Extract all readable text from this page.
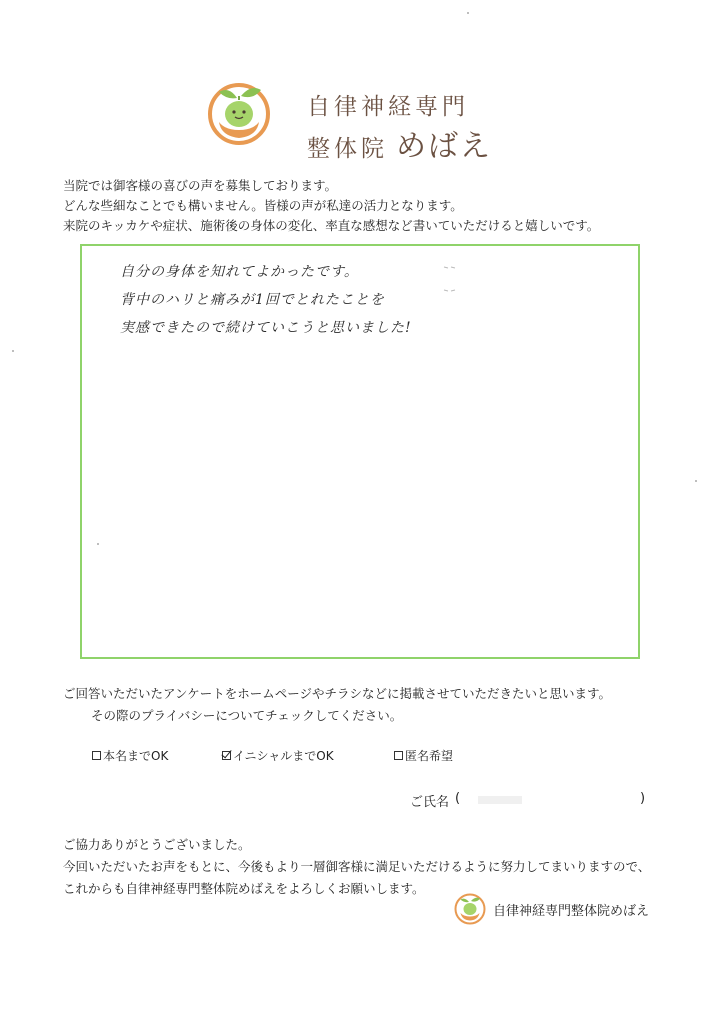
自律神経専門
整体院 めばえ
当院では御客様の喜びの声を募集しております。
どんな些細なことでも構いません。皆様の声が私達の活力となります。
来院のキッカケや症状、施術後の身体の変化、率直な感想など書いていただけると嬉しいです。
自分の身体を知れてよかったです。
背中のハリと痛みが1回でとれたことを
実感できたので続けていこうと思いました!
ご回答いただいたアンケートをホームページやチラシなどに掲載させていただきたいと思います。
その際のプライバシーについてチェックしてください。
本名までOK	イニシャルまでOK	匿名希望
ご氏名 (	)
ご協力ありがとうございました。
今回いただいたお声をもとに、今後もより一層御客様に満足いただけるように努力してまいりますので、
これからも自律神経専門整体院めばえをよろしくお願いします。
自律神経専門整体院めばえ
